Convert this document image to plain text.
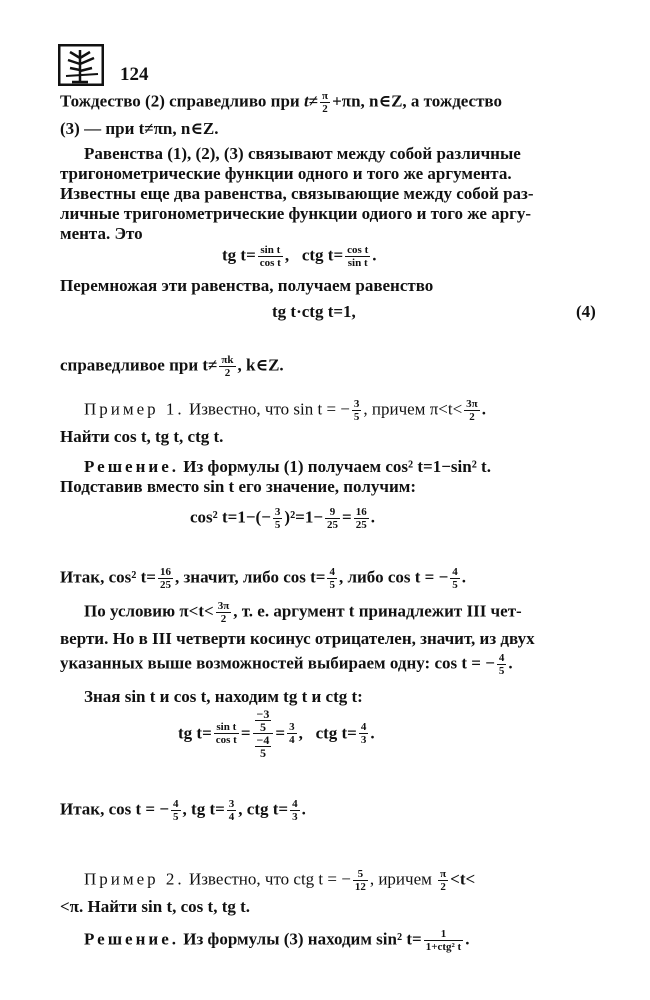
124
Тождество (2) справедливо при $t\ne \frac{\pi}{2} +\pi n$, n∈Z, а тождество
(3) — при t≠πn, n∈Z.
Равенства (1), (2), (3) связывают между собой различные
тригонометрические функции одного и того же аргумента.
Известны еще два равенства, связывающие между собой раз-
личные тригонометрические функции одиого и того же аргу-
мента. Это
tg $t= \frac{\text{sin t}}{\text{cos t}}$ , ctg $t= \frac{\text{cos t}}{\text{sin t}}$ .
Перемножая эти равенства, получаем равенство
tg t·ctg t=1,	(4)
справедливое при $t\ne \frac{\pi k}{2}$ , k∈Z.
Пример 1. Известно, что sin t = − $\frac{3}{5}$ , причем $\pi<t< \frac{3\pi}{2}$ .
Найти cos t, tg t, ctg t.
Решение. Из формулы (1) получаем cos² t=1−sin² t.
Подставив вместо sin t его значение, получим:
cos² $t=1-(- \frac{3}{5} )^2=1- \frac{9}{25} = \frac{16}{25}$ .
Итак, cos² $t= \frac{16}{25}$ , значит, либо $\cos t= \frac{4}{5}$ , либо cos t = − $\frac{4}{5}$ .
По условию $\pi<t< \frac{3\pi}{2}$ , т. е. аргумент t принадлежит III чет-
верти. Но в III четверти косинус отрицателен, значит, из двух
указанных выше возможностей выбираем одну: cos t = − $\frac{4}{5}$ .
Зная sin t и cos t, находим tg t и ctg t:
tg $t= \frac{\text{sin t}}{\text{cos t}} = \frac{\frac{-3}{5}}{\frac{-4}{5}} = \frac{3}{4}$ ,   ctg $t= \frac{4}{3}$ .
Итак, cos t = − $\frac{4}{5}$ , tg $t= \frac{3}{4}$ , ctg $t= \frac{4}{3}$ .
Пример 2. Известно, что ctg t = − $\frac{5}{12}$ , иричем $\frac{\pi}{2} <t<$
<π. Найти sin t, cos t, tg t.
Решение. Из формулы (3) находим sin² $t= \frac{1}{\text{1+ctg² t}}$ .
